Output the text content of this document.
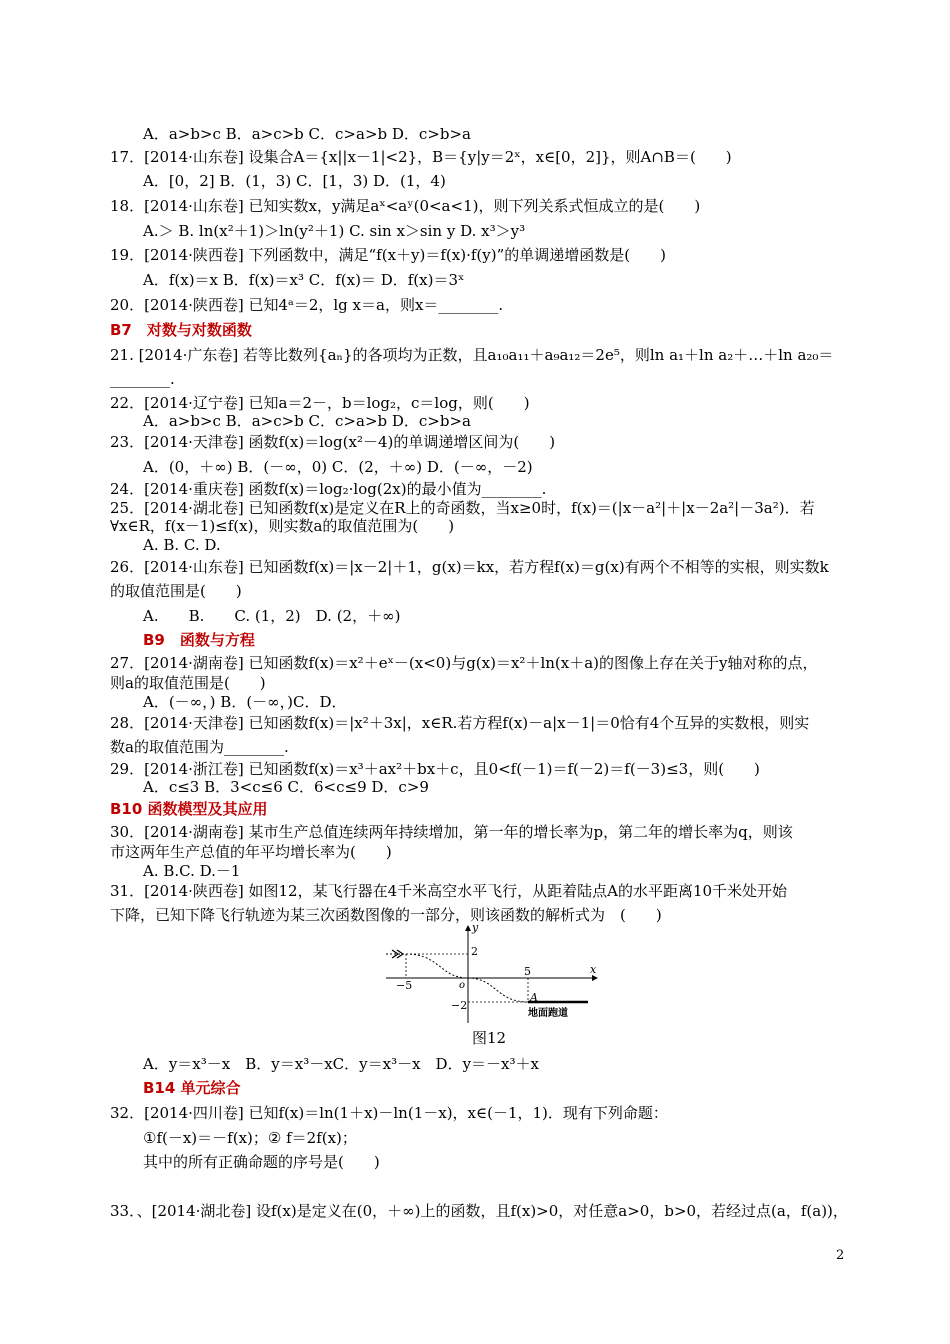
A．a>b>c B．a>c>b C．c>a>b D．c>b>a
17．[2014·山东卷] 设集合A＝{x||x－1|<2}，B＝{y|y＝2ˣ，x∈[0，2]}，则A∩B＝(　　)
A．[0，2] B．(1，3) C．[1，3) D．(1，4)
18．[2014·山东卷] 已知实数x，y满足aˣ<aʸ(0<a<1)，则下列关系式恒成立的是(　　)
A.＞ B. ln(x²＋1)＞ln(y²＋1) C. sin x＞sin y D. x³＞y³
19．[2014·陕西卷] 下列函数中，满足“f(x＋y)＝f(x)·f(y)”的单调递增函数是(　　)
A．f(x)＝x B．f(x)＝x³ C．f(x)＝ D．f(x)＝3ˣ
20．[2014·陕西卷] 已知4ᵃ＝2，lg x＝a，则x＝________.
B7　对数与对数函数
21. [2014·广东卷] 若等比数列{aₙ}的各项均为正数，且a₁₀a₁₁＋a₉a₁₂＝2e⁵，则ln a₁＋ln a₂＋…＋ln a₂₀＝
________.
22．[2014·辽宁卷] 已知a＝2－，b＝log₂，c＝log，则(　　)
A．a>b>c B．a>c>b C．c>a>b D．c>b>a
23．[2014·天津卷] 函数f(x)＝log(x²－4)的单调递增区间为(　　)
A．(0，＋∞) B．(－∞，0) C．(2，＋∞) D．(－∞，－2)
24．[2014·重庆卷] 函数f(x)＝log₂·log(2x)的最小值为________.
25．[2014·湖北卷] 已知函数f(x)是定义在R上的奇函数，当x≥0时，f(x)＝(|x－a²|＋|x－2a²|－3a²)．若
∀x∈R，f(x－1)≤f(x)，则实数a的取值范围为(　　)
A. B. C. D.
26．[2014·山东卷] 已知函数f(x)＝|x－2|＋1，g(x)＝kx，若方程f(x)＝g(x)有两个不相等的实根，则实数k
的取值范围是(　　)
A.　　B.　　C. (1，2)　D. (2，＋∞)
B9　函数与方程
27．[2014·湖南卷] 已知函数f(x)＝x²＋eˣ－(x<0)与g(x)＝x²＋ln(x＋a)的图像上存在关于y轴对称的点，
则a的取值范围是(　　)
A．(－∞，) B．(－∞，)C．D．
28．[2014·天津卷] 已知函数f(x)＝|x²＋3x|，x∈R.若方程f(x)－a|x－1|＝0恰有4个互异的实数根，则实
数a的取值范围为________.
29．[2014·浙江卷] 已知函数f(x)＝x³＋ax²＋bx＋c，且0<f(－1)＝f(－2)＝f(－3)≤3，则(　　)
A．c≤3 B．3<c≤6 C．6<c≤9 D．c>9
B10 函数模型及其应用
30．[2014·湖南卷] 某市生产总值连续两年持续增加，第一年的增长率为p，第二年的增长率为q，则该
市这两年生产总值的年平均增长率为(　　)
A. B.C. D.－1
31．[2014·陕西卷] 如图12，某飞行器在4千米高空水平飞行，从距着陆点A的水平距离10千米处开始
下降，已知下降飞行轨迹为某三次函数图像的一部分，则该函数的解析式为　(　　)
A．y＝x³－x　B．y＝x³－xC．y＝x³－x　D．y＝－x³＋x
B14 单元综合
32．[2014·四川卷] 已知f(x)＝ln(1＋x)－ln(1－x)，x∈(－1，1)．现有下列命题：
①f(－x)＝－f(x)；② f＝2f(x)；
其中的所有正确命题的序号是(　　)
33．、[2014·湖北卷] 设f(x)是定义在(0，＋∞)上的函数，且f(x)>0，对任意a>0，b>0，若经过点(a，f(a))，
y
x
o
2
−2
−5
5
A
地面跑道
图12
2
